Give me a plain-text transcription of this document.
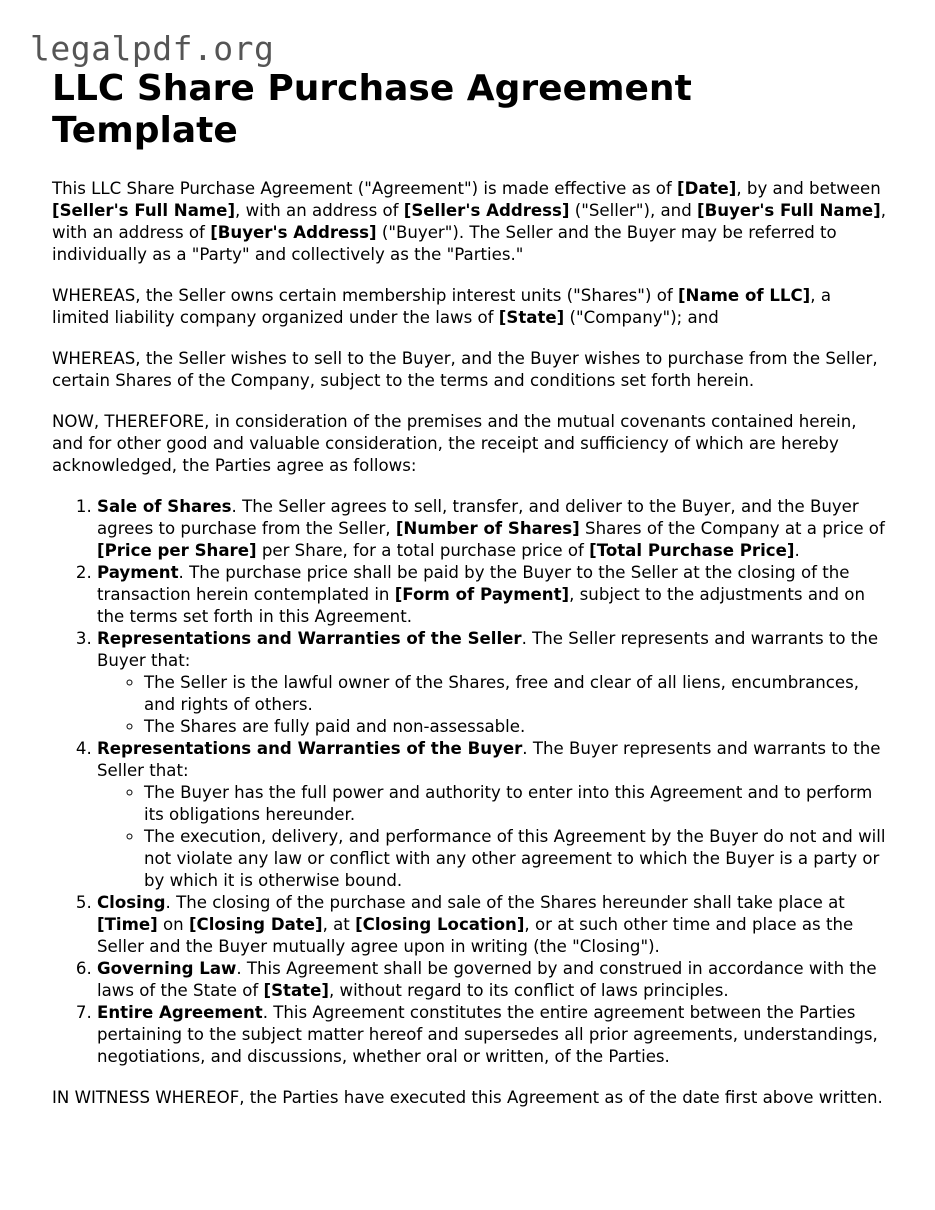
legalpdf.org
LLC Share Purchase Agreement Template

This LLC Share Purchase Agreement ("Agreement") is made effective as of [Date], by and between [Seller's Full Name], with an address of [Seller's Address] ("Seller"), and [Buyer's Full Name], with an address of [Buyer's Address] ("Buyer"). The Seller and the Buyer may be referred to individually as a "Party" and collectively as the "Parties."

WHEREAS, the Seller owns certain membership interest units ("Shares") of [Name of LLC], a limited liability company organized under the laws of [State] ("Company"); and

WHEREAS, the Seller wishes to sell to the Buyer, and the Buyer wishes to purchase from the Seller, certain Shares of the Company, subject to the terms and conditions set forth herein.

NOW, THEREFORE, in consideration of the premises and the mutual covenants contained herein, and for other good and valuable consideration, the receipt and sufficiency of which are hereby acknowledged, the Parties agree as follows:

1. Sale of Shares. The Seller agrees to sell, transfer, and deliver to the Buyer, and the Buyer agrees to purchase from the Seller, [Number of Shares] Shares of the Company at a price of [Price per Share] per Share, for a total purchase price of [Total Purchase Price].
2. Payment. The purchase price shall be paid by the Buyer to the Seller at the closing of the transaction herein contemplated in [Form of Payment], subject to the adjustments and on the terms set forth in this Agreement.
3. Representations and Warranties of the Seller. The Seller represents and warrants to the Buyer that:
◦ The Seller is the lawful owner of the Shares, free and clear of all liens, encumbrances, and rights of others.
◦ The Shares are fully paid and non-assessable.
4. Representations and Warranties of the Buyer. The Buyer represents and warrants to the Seller that:
◦ The Buyer has the full power and authority to enter into this Agreement and to perform its obligations hereunder.
◦ The execution, delivery, and performance of this Agreement by the Buyer do not and will not violate any law or conflict with any other agreement to which the Buyer is a party or by which it is otherwise bound.
5. Closing. The closing of the purchase and sale of the Shares hereunder shall take place at [Time] on [Closing Date], at [Closing Location], or at such other time and place as the Seller and the Buyer mutually agree upon in writing (the "Closing").
6. Governing Law. This Agreement shall be governed by and construed in accordance with the laws of the State of [State], without regard to its conflict of laws principles.
7. Entire Agreement. This Agreement constitutes the entire agreement between the Parties pertaining to the subject matter hereof and supersedes all prior agreements, understandings, negotiations, and discussions, whether oral or written, of the Parties.

IN WITNESS WHEREOF, the Parties have executed this Agreement as of the date first above written.
